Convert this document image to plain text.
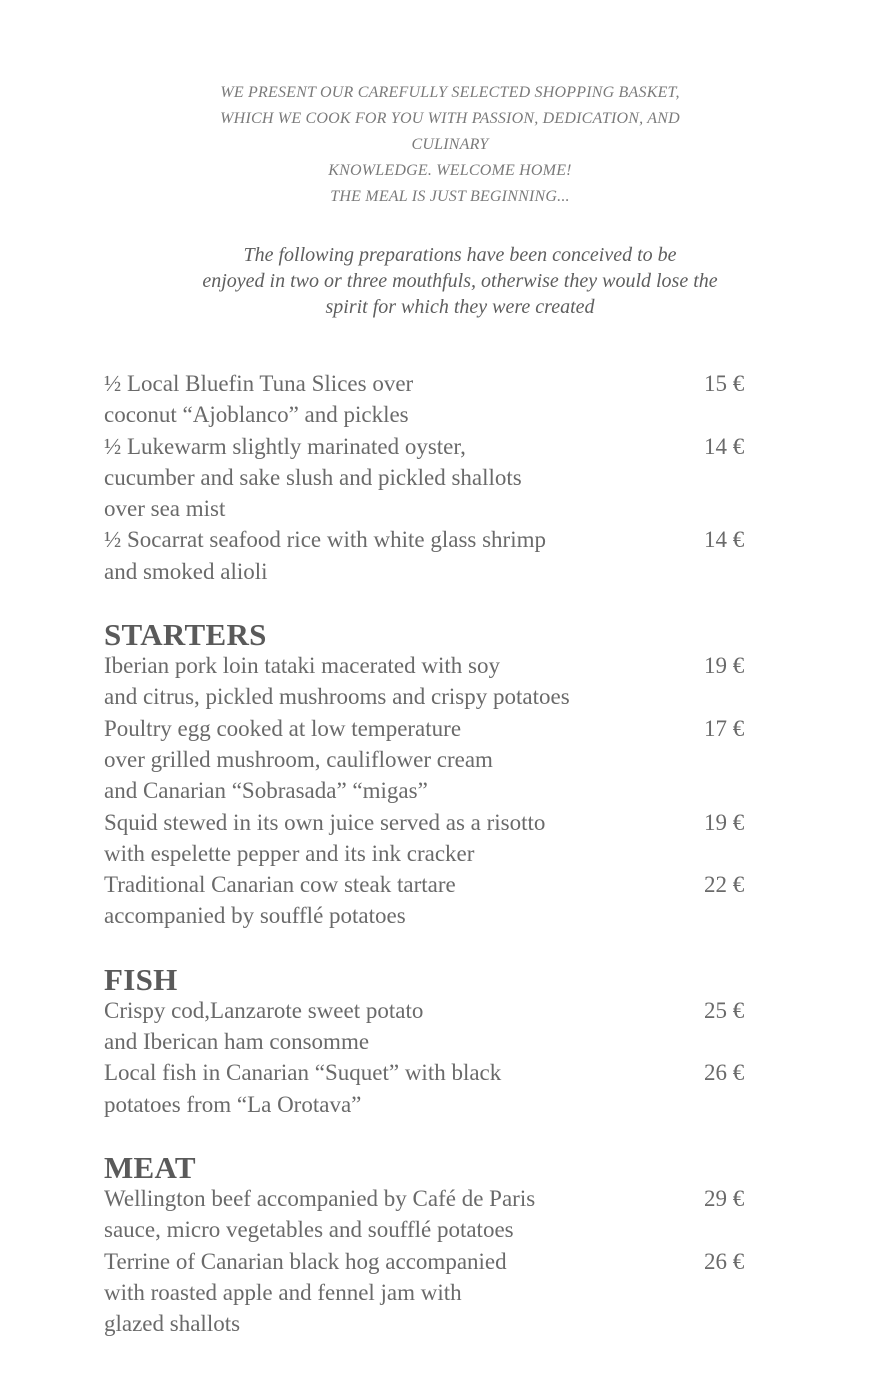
WE PRESENT OUR CAREFULLY SELECTED SHOPPING BASKET,
WHICH WE COOK FOR YOU WITH PASSION, DEDICATION, AND
CULINARY
KNOWLEDGE. WELCOME HOME!
THE MEAL IS JUST BEGINNING...
The following preparations have been conceived to be
enjoyed in two or three mouthfuls, otherwise they would lose the
spirit for which they were created
½ Local Bluefin Tuna Slices over
coconut “Ajoblanco” and pickles
15 €
½ Lukewarm slightly marinated oyster,
cucumber and sake slush and pickled shallots
over sea mist
14 €
½ Socarrat seafood rice with white glass shrimp
and smoked alioli
14 €
STARTERS
Iberian pork loin tataki macerated with soy
and citrus, pickled mushrooms and crispy potatoes
19 €
Poultry egg cooked at low temperature
over grilled mushroom, cauliflower cream
and Canarian “Sobrasada” “migas”
17 €
Squid stewed in its own juice served as a risotto
with espelette pepper and its ink cracker
19 €
Traditional Canarian cow steak tartare
accompanied by soufflé potatoes
22 €
FISH
Crispy cod,Lanzarote sweet potato
and Iberican ham consomme
25 €
Local fish in Canarian “Suquet” with black
potatoes from “La Orotava”
26 €
MEAT
Wellington beef accompanied by Café de Paris
sauce, micro vegetables and soufflé potatoes
29 €
Terrine of Canarian black hog accompanied
with roasted apple and fennel jam with
glazed shallots
26 €
